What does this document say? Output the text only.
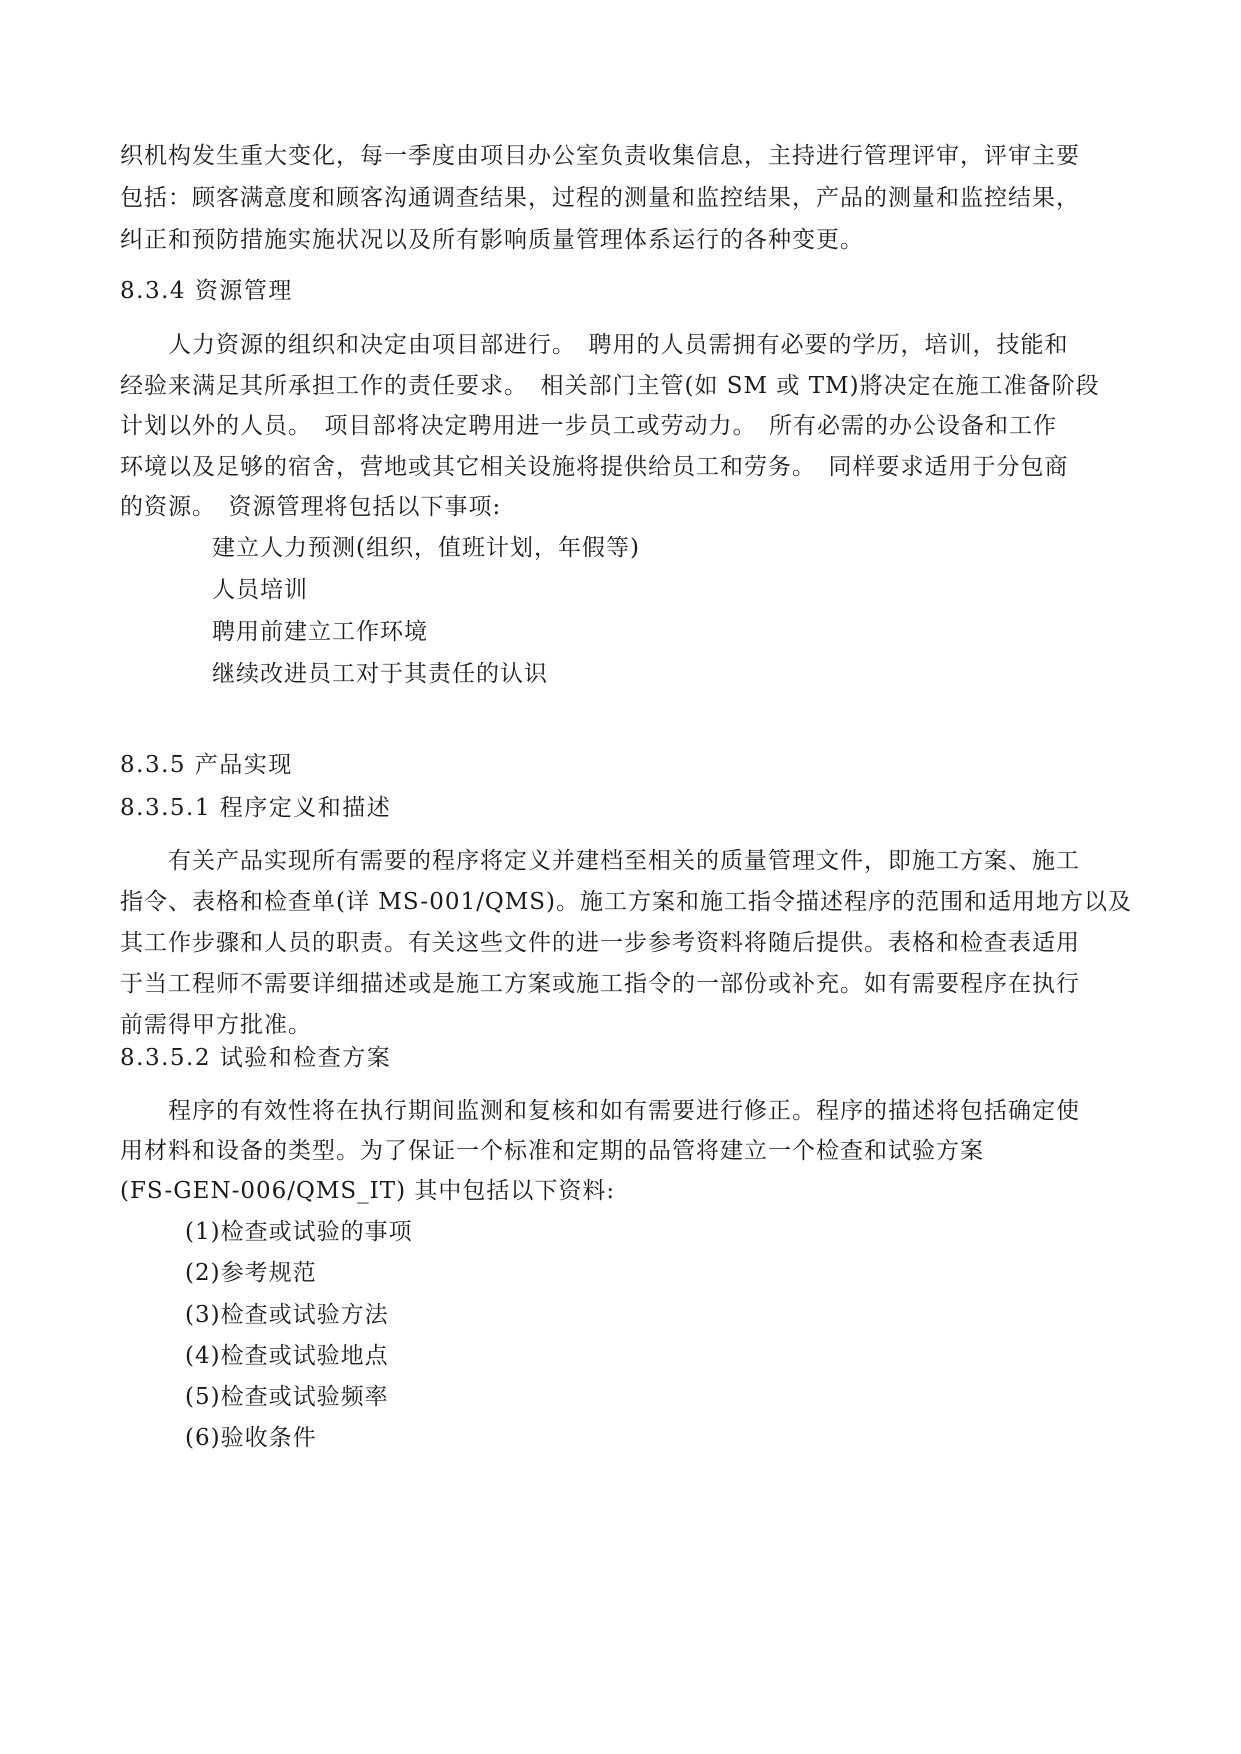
织机构发生重大变化，每一季度由项目办公室负责收集信息，主持进行管理评审，评审主要
包括：顾客满意度和顾客沟通调查结果，过程的测量和监控结果，产品的测量和监控结果，
纠正和预防措施实施状况以及所有影响质量管理体系运行的各种变更。
8.3.4 资源管理
人力资源的组织和决定由项目部进行。　聘用的人员需拥有必要的学历，培训，技能和
经验来满足其所承担工作的责任要求。　相关部门主管(如 SM 或 TM)將决定在施工准备阶段
计划以外的人员。　项目部将决定聘用进一步员工或劳动力。　所有必需的办公设备和工作
环境以及足够的宿舍，营地或其它相关设施将提供给员工和劳务。　同样要求适用于分包商
的资源。　资源管理将包括以下事项:
建立人力预测(组织，值班计划，年假等)
人员培训
聘用前建立工作环境
继续改进员工对于其责任的认识
8.3.5 产品实现
8.3.5.1 程序定义和描述
有关产品实现所有需要的程序将定义并建档至相关的质量管理文件，即施工方案、施工
指令、表格和检查单(详 MS-001/QMS)。施工方案和施工指令描述程序的范围和适用地方以及
其工作步骤和人员的职责。有关这些文件的进一步参考资料将随后提供。表格和检查表适用
于当工程师不需要详细描述或是施工方案或施工指令的一部份或补充。如有需要程序在执行
前需得甲方批准。
8.3.5.2 试验和检查方案
程序的有效性将在执行期间监测和复核和如有需要进行修正。程序的描述将包括确定使
用材料和设备的类型。为了保证一个标准和定期的品管将建立一个检查和试验方案
(FS-GEN-006/QMS_IT) 其中包括以下资料:
(1)检查或试验的事项
(2)参考规范
(3)检查或试验方法
(4)检查或试验地点
(5)检查或试验频率
(6)验收条件
